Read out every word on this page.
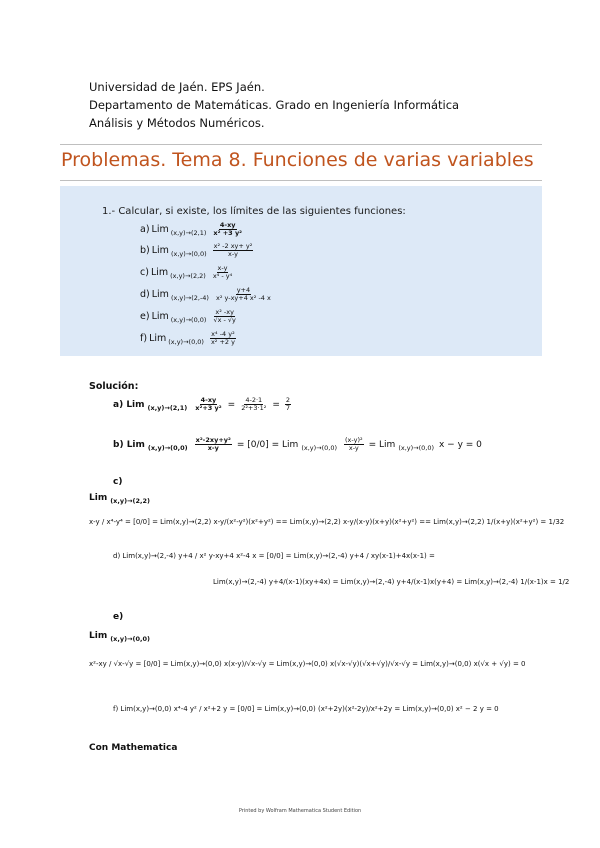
Universidad de Jaén. EPS Jaén.
Departamento de Matemáticas. Grado en Ingeniería Informática
Análisis y Métodos Numéricos.
Problemas. Tema 8. Funciones de varias variables
1.- Calcular, si existe, los límites de las siguientes funciones:
a) Lim $(x,y)\to(2,1) \frac{4-xy}{\text{x² +3 y²}}$
b) Lim $(x,y)\to(0,0) \frac{\text{x² -2 xy+ y²}}{x-y}$
c) Lim $(x,y)\to(2,2) \frac{x-y}{\text{x⁴ - y⁴}}$
d) Lim $(x,y)\to(2,-4) \frac{y+4}{\text{x² y-xy+4 x² -4 x}}$
e) Lim $(x,y)\to(0,0) \frac{\text{x² -xy}}{√x - √y}$
f) Lim $(x,y)\to(0,0) \frac{\text{x⁴ -4 y²}}{\text{x² +2 y}}$
Solución:
a) Lim $(x,y)\to(2,1) \frac{4-xy}{\text{x²+3 y²}} = \frac{4-2\cdot 1}{\text{2²+3·1²}} = \frac{2}{7}$
b) Lim $(x,y)\to(0,0) \frac{\text{x²-2xy+y²}}{x-y} = [0/0]$ = Lim $(x,y)\to(0,0) \frac{\text{(x-y)²}}{x-y}$ = Lim (x,y)→(0,0) x − y = 0
c)
Lim (x,y)→(2,2)
x-y / x⁴-y⁴ = [0/0] = Lim(x,y)→(2,2) x-y/(x²-y²)(x²+y²) == Lim(x,y)→(2,2) x-y/(x-y)(x+y)(x²+y²) == Lim(x,y)→(2,2) 1/(x+y)(x²+y²) = 1/32
d) Lim(x,y)→(2,-4) y+4 / x² y-xy+4 x²-4 x = [0/0] = Lim(x,y)→(2,-4) y+4 / xy(x-1)+4x(x-1) =
Lim(x,y)→(2,-4) y+4/(x-1)(xy+4x) = Lim(x,y)→(2,-4) y+4/(x-1)x(y+4) = Lim(x,y)→(2,-4) 1/(x-1)x = 1/2
e)
Lim (x,y)→(0,0)
x²-xy / √x-√y = [0/0] = Lim(x,y)→(0,0) x(x-y)/√x-√y = Lim(x,y)→(0,0) x(√x-√y)(√x+√y)/√x-√y = Lim(x,y)→(0,0) x(√x + √y) = 0
f) Lim(x,y)→(0,0) x⁴-4 y² / x²+2 y = [0/0] = Lim(x,y)→(0,0) (x²+2y)(x²-2y)/x²+2y = Lim(x,y)→(0,0) x² − 2 y = 0
Con Mathematica
Printed by Wolfram Mathematica Student Edition
